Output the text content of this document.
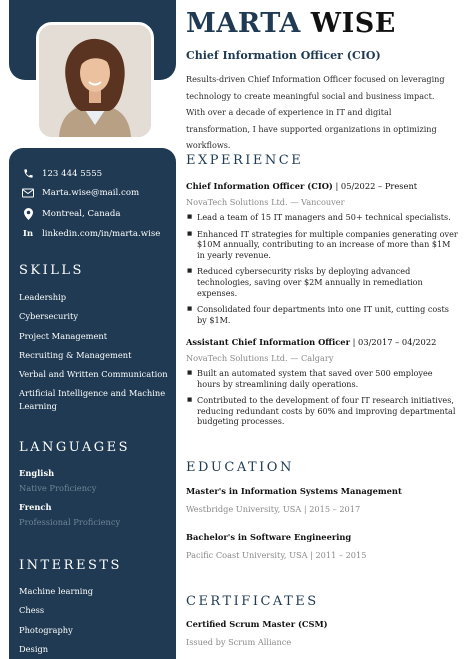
123 444 5555
Marta.wise@mail.com
Montreal, Canada
In	linkedin.com/in/marta.wise
SKILLS
Leadership
Cybersecurity
Project Management
Recruiting & Management
Verbal and Written Communication
Artificial Intelligence and Machine Learning
LANGUAGES
English
Native Proficiency
French
Professional Proficiency
INTERESTS
Machine learning
Chess
Photography
Design
MARTA WISE
Chief Information Officer (CIO)
Results-driven Chief Information Officer focused on leveraging technology to create meaningful social and business impact. With over a decade of experience in IT and digital transformation, I have supported organizations in optimizing workflows.
EXPERIENCE
Chief Information Officer (CIO) | 05/2022 – Present
NovaTech Solutions Ltd. — Vancouver
■ Lead a team of 15 IT managers and 50+ technical specialists.
■ Enhanced IT strategies for multiple companies generating over $10M annually, contributing to an increase of more than $1M in yearly revenue.
■ Reduced cybersecurity risks by deploying advanced technologies, saving over $2M annually in remediation expenses.
■ Consolidated four departments into one IT unit, cutting costs by $1M.
Assistant Chief Information Officer | 03/2017 – 04/2022
NovaTech Solutions Ltd. — Calgary
■ Built an automated system that saved over 500 employee hours by streamlining daily operations.
■ Contributed to the development of four IT research initiatives, reducing redundant costs by 60% and improving departmental budgeting processes.
EDUCATION
Master's in Information Systems Management
Westbridge University, USA | 2015 – 2017
Bachelor's in Software Engineering
Pacific Coast University, USA | 2011 – 2015
CERTIFICATES
Certified Scrum Master (CSM)
Issued by Scrum Alliance
